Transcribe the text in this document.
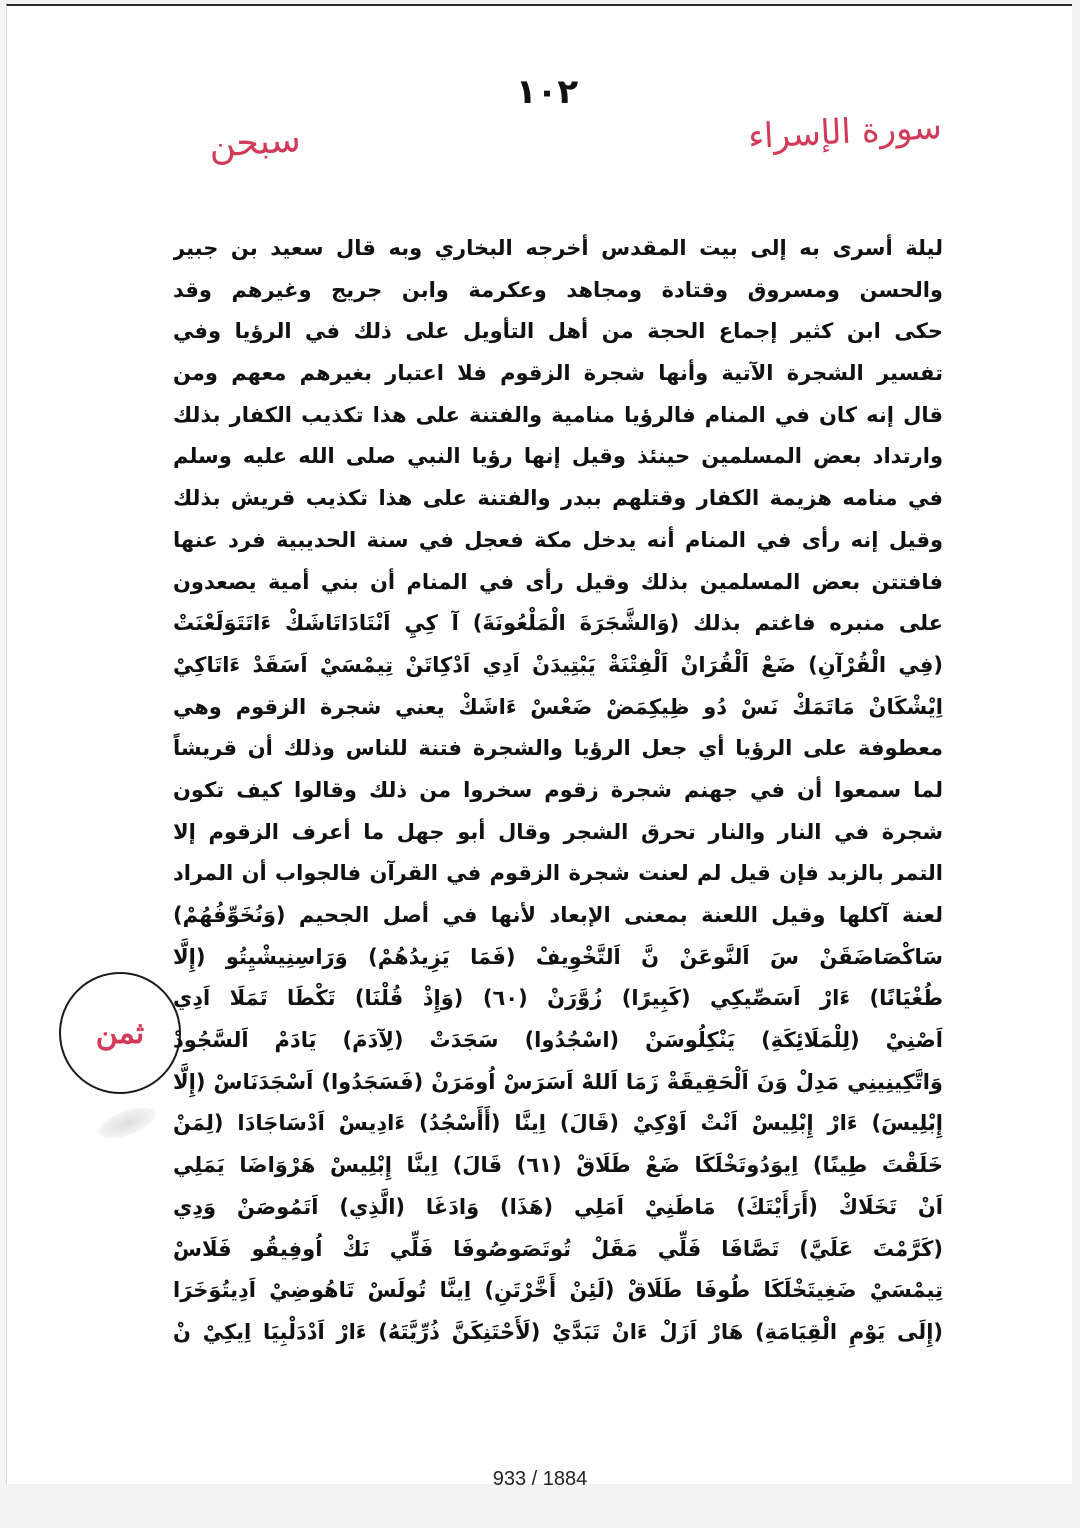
١٠٢
سورة الإسراء
سبحن
ثمن
ليلة أسرى به إلى بيت المقدس أخرجه البخاري وبه قال سعيد بن جبير
والحسن ومسروق وقتادة ومجاهد وعكرمة وابن جريج وغيرهم وقد
حكى ابن كثير إجماع الحجة من أهل التأويل على ذلك في الرؤيا وفي
تفسير الشجرة الآتية وأنها شجرة الزقوم فلا اعتبار بغيرهم معهم ومن
قال إنه كان في المنام فالرؤيا منامية والفتنة على هذا تكذيب الكفار بذلك
وارتداد بعض المسلمين حينئذ وقيل إنها رؤيا النبي صلى الله عليه وسلم
في منامه هزيمة الكفار وقتلهم ببدر والفتنة على هذا تكذيب قريش بذلك
وقيل إنه رأى في المنام أنه يدخل مكة فعجل في سنة الحديبية فرد عنها
فافتتن بعض المسلمين بذلك وقيل رأى في المنام أن بني أمية يصعدون
على منبره فاغتم بذلك (وَالشَّجَرَةَ الْمَلْعُونَةَ) آ كِيِ اَنْتَادَاتَاشَكْ ءَاتَتَوَلَعْنَتْ
(فِي الْقُرْآنِ) ضَعْ اَلْقُرَانْ اَلْفِتْنَةْ يَبْتِيدَنْ اَدِي اَدْكِاتَنْ تِيمْسَيْ اَسَقَدْ ءَاتَاكِيْ
اِيْشْكَانْ مَاتَمَكْ نَسْ دُو ظِيكِمَضْ ضَعْسْ ءَاشَكْ يعني شجرة الزقوم وهي
معطوفة على الرؤيا أي جعل الرؤيا والشجرة فتنة للناس وذلك أن قريشاً
لما سمعوا أن في جهنم شجرة زقوم سخروا من ذلك وقالوا كيف تكون
شجرة في النار والنار تحرق الشجر وقال أبو جهل ما أعرف الزقوم إلا
التمر بالزبد فإن قيل لم لعنت شجرة الزقوم في القرآن فالجواب أن المراد
لعنة آكلها وقيل اللعنة بمعنى الإبعاد لأنها في أصل الجحيم (وَنُخَوِّفُهُمْ)
سَاكْصَاضَقَنْ سَ اَلنَّوعَنْ نَّ اَلتَّخْوِيفْ (فَمَا يَزِيدُهُمْ) وَرَاسِنِيشْيِتُو (إِلَّا
طُغْيَانًا) ءَارْ اَسَصِّيكِي (كَبِيرًا) زُوَّرَنْ (٦٠) (وَإِذْ قُلْنَا) تَكْطَا تَمَلَا اَدِي
اَصْنِيْ (لِلْمَلَائِكَةِ) يَنْكِلُوسَنْ (اسْجُدُوا) سَجَدَتْ (لِآدَمَ) يَادَمْ اَلسَّجُودْ
وَاتَّكِينِينِي مَدِلْ وَنَ اَلْحَقِيقَةْ زَمَا اَللهْ اَسَرَسْ اُومَرَنْ (فَسَجَدُوا) اَسْجَدَنَاسْ (إِلَّا
إِبْلِيسَ) ءَارْ إِبْلِيسْ اَنْتْ اَوْكِيْ (قَالَ) اِينَّا (أَأَسْجُدُ) ءَادِيسْ اَدْسَاجَادَا (لِمَنْ
خَلَقْتَ طِينًا) اِيوَدُوتَخْلَكَا ضَعْ طَلَاقْ (٦١) قَالَ) اِينَّا إِبْلِيسْ هَرْوَاضَا يَمَلِي
اَنْ تَخَلَاكْ (أَرَأَيْتَكَ) مَاطَنِيْ اَمَلِي (هَذَا) وَادَغَا (الَّذِي) اَتَمُوصَنْ وَدِي
(كَرَّمْتَ عَلَيَّ) تَصَّافَا فَلِّي مَقَلْ تُوتَصَوصُوفَا فَلِّي نَكْ اُوفِيقُو فَلَاسْ
تِيمْسَيْ ضَغِيتَخْلَكَا طُوفَا طَلَاقْ (لَئِنْ أَخَّرْتَنِ) اِينَّا تُولَسْ تَاهُوضِيْ اَدِيتُوَخَرَا
(إِلَى يَوْمِ الْقِيَامَةِ) هَارْ اَزَلْ ءَانْ تَبَدَّيْ (لَأَحْتَنِكَنَّ ذُرِّيَّتَهُ) ءَارْ اَدْدَلْبِيَا اِيكِيْ نْ
933 / 1884
